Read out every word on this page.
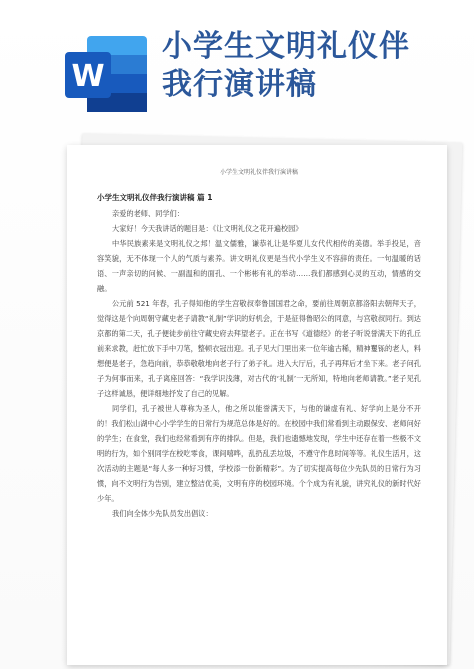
W
小学生文明礼仪伴
我行演讲稿
小学生文明礼仪伴我行演讲稿
小学生文明礼仪伴我行演讲稿 篇 1

亲爱的老师、同学们：

大家好！今天我讲话的题目是：《让文明礼仪之花开遍校园》

中华民族素来是文明礼仪之邦！温文儒雅，谦恭礼让是华夏儿女代代相传的美德。举手投足，音容笑貌，无不体现一个人的气质与素养。讲文明礼仪更是当代小学生义不容辞的责任。一句温暖的话语、一声亲切的问候、一副温和的面孔、一个彬彬有礼的举动……我们都感到心灵的互动，情感的交融。

公元前 521 年春，孔子得知他的学生宫敬叔奉鲁国国君之命，要前往周朝京都洛阳去朝拜天子，觉得这是个向周朝守藏史老子请教“礼制”学识的好机会，于是征得鲁昭公的同意，与宫敬叔同行。到达京都的第二天，孔子便徒步前往守藏史府去拜望老子。正在书写《道德经》的老子听说誉满天下的孔丘前来求教，赶忙放下手中刀笔，整顿衣冠出迎。孔子见大门里出来一位年逾古稀，精神矍铄的老人，料想便是老子，急趋向前，恭恭敬敬地向老子行了弟子礼。进入大厅后，孔子再拜后才坐下来。老子问孔子为何事而来，孔子离座回答：“我学识浅薄，对古代的‘礼制’一无所知，特地向老师请教。”老子见孔子这样诚恳，便详细地抒发了自己的见解。

同学们，孔子被世人尊称为圣人，他之所以能誉满天下，与他的谦虚有礼、好学向上是分不开的！我们松山湖中心小学学生的日常行为规范总体是好的。在校园中我们常看到主动跟保安、老师问好的学生；在食堂，我们也经常看到有序的排队。但是，我们也遗憾地发现，学生中还存在着一些极不文明的行为，如个别同学在校吃零食，课间嘻哗，乱扔乱丢垃圾，不遵守作息时间等等。礼仪生活月，这次活动的主题是“每人多一种好习惯，学校添一份新精彩”。为了切实提高每位少先队员的日常行为习惯，向不文明行为告别，建立整洁优美，文明有序的校园环境。个个成为有礼貌，讲究礼仪的新时代好少年。

我们向全体少先队员发出倡议：
